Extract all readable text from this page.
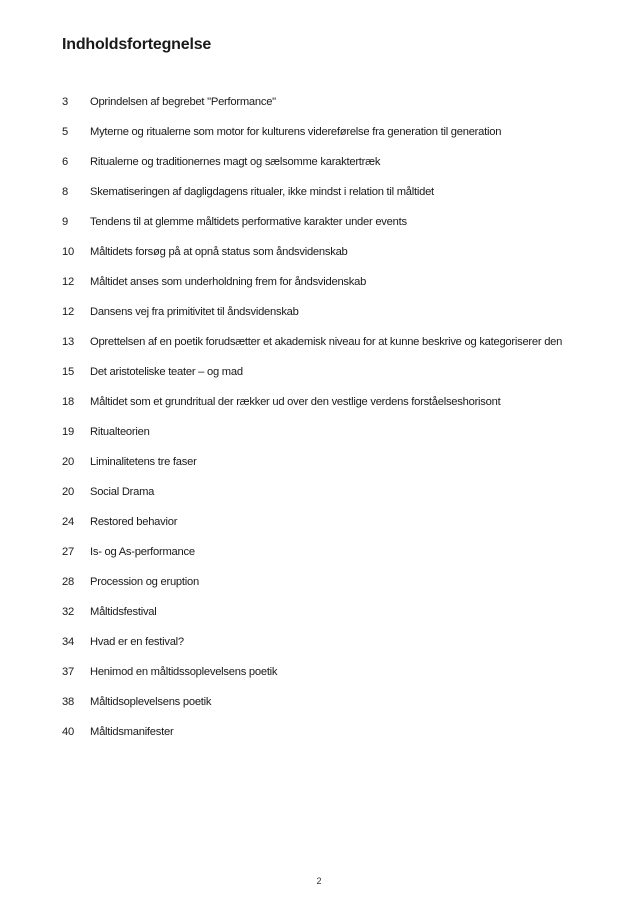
Indholdsfortegnelse
3	Oprindelsen af begrebet "Performance"
5	Myterne og ritualerne som motor for kulturens videreførelse fra generation til generation
6	Ritualerne og traditionernes magt og sælsomme karaktertræk
8	Skematiseringen af dagligdagens ritualer, ikke mindst i relation til måltidet
9	Tendens til at glemme måltidets performative karakter under events
10	Måltidets forsøg på at opnå status som åndsvidenskab
12	Måltidet anses som underholdning frem for åndsvidenskab
12	Dansens vej fra primitivitet til åndsvidenskab
13	Oprettelsen af en poetik forudsætter et akademisk niveau for at kunne beskrive og kategoriserer den
15	Det aristoteliske teater – og mad
18	Måltidet som et grundritual der rækker ud over den vestlige verdens forståelseshorisont
19	Ritualteorien
20	Liminalitetens tre faser
20	Social Drama
24	Restored behavior
27	Is- og As-performance
28	Procession og eruption
32	Måltidsfestival
34	Hvad er en festival?
37	Henimod en måltidssoplevelsens poetik
38	Måltidsoplevelsens poetik
40	Måltidsmanifester
2
